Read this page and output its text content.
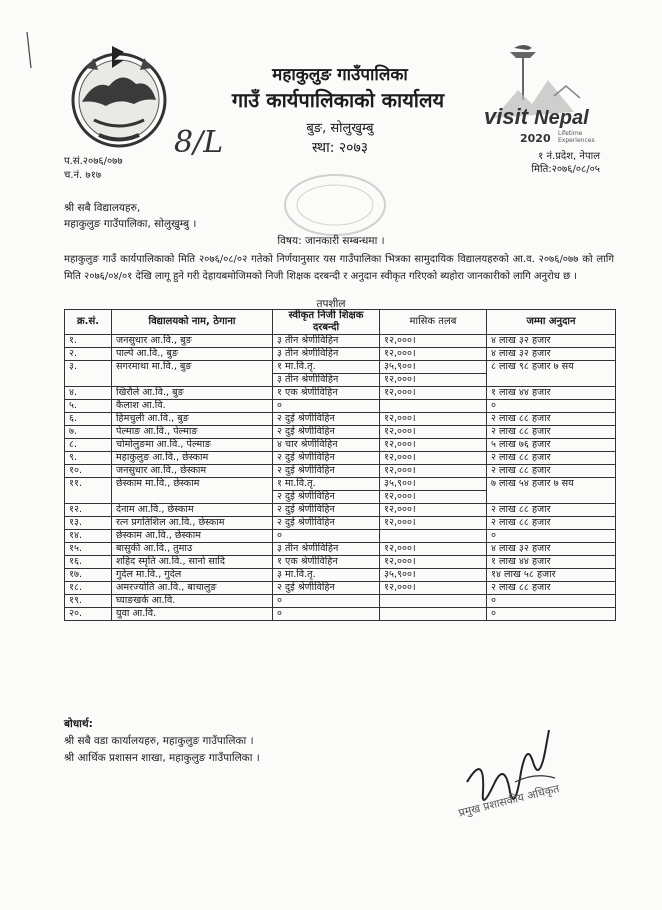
महाकुलुङ गाउँपालिका
गाउँ कार्यपालिकाको कार्यालय
बुङ, सोलुखुम्बु
स्था: २०७३
प.सं.२०७६/०७७
च.नं. ७१७
8/L
visit Nepal
2020 Lifetime
Experiences
१ नं.प्रदेश, नेपाल
मिति:२०७६/०८/०५
श्री सबै विद्यालयहरु,
महाकुलुङ गाउँपालिका, सोलुखुम्बु ।
विषय: जानकारी सम्बन्धमा ।
महाकुलुङ गाउँ कार्यपालिकाको मिति २०७६/०८/०२ गतेको निर्णयानुसार यस गाउँपालिका भित्रका सामुदायिक विद्यालयहरुको आ.व. २०७६/०७७ को लागि मिति २०७६/०४/०१ देखि लागू हुने गरी देहायबमोजिमको निजी शिक्षक दरबन्दी र अनुदान स्वीकृत गरिएको ब्यहोरा जानकारीको लागि अनुरोध छ ।
तपशील
क्र.सं.	विद्यालयको नाम, ठेगाना	स्वीकृत निजी शिक्षक दरबन्दी	मासिक तलब	जम्मा अनुदान
१.	जनसुधार आ.वि., बुङ	३ तीन श्रेणीविहिन	१२,०००।	४ लाख ३२ हजार
२.	पाल्पे आ.वि., बुङ	३ तीन श्रेणीविहिन	१२,०००।	४ लाख ३२ हजार
३.	सगरमाथा मा.वि., बुङ	१ मा.वि.तृ.	३५,९००।	८ लाख ९८ हजार ७ सय
		३ तीन श्रेणीविहिन	१२,०००।	
४.	खिरौले आ.वि., बुङ	१ एक श्रेणीविहिन	१२,०००।	१ लाख ४४ हजार
५.	कैलाश आ.वि.	०		०
६.	हिमचुली आ.वि., बुङ	२ दुई श्रेणीविहिन	१२,०००।	२ लाख ८८ हजार
७.	पेल्माङ आ.वि., पेल्माङ	२ दुई श्रेणीविहिन	१२,०००।	२ लाख ८८ हजार
८.	चोमोलुङमा आ.वि., पेल्माङ	४ चार श्रेणीविहिन	१२,०००।	५ लाख ७६ हजार
९.	महाकुलुङ आ.वि., छेस्काम	२ दुई श्रेणीविहिन	१२,०००।	२ लाख ८८ हजार
१०.	जनसुधार आ.वि., छेस्काम	२ दुई श्रेणीविहिन	१२,०००।	२ लाख ८८ हजार
११.	छेस्काम मा.वि., छेस्काम	१ मा.वि.तृ.	३५,९००।	७ लाख ५४ हजार ७ सय
		२ दुई श्रेणीविहिन	१२,०००।	
१२.	देनाम आ.वि., छेस्काम	२ दुई श्रेणीविहिन	१२,०००।	२ लाख ८८ हजार
१३.	रत्न प्रगतिशिल आ.वि., छेस्काम	२ दुई श्रेणीविहिन	१२,०००।	२ लाख ८८ हजार
१४.	छेस्काम आ.वि., छेस्काम	०		०
१५.	बासुकी आ.वि., तुमाउ	३ तीन श्रेणीविहिन	१२,०००।	४ लाख ३२ हजार
१६.	शहिद स्मृति आ.वि., सानो सादि	१ एक श्रेणीविहिन	१२,०००।	१ लाख ४४ हजार
१७.	गुदेल मा.वि., गुदेल	३ मा.वि.तृ.	३५,९००।	१४ लाख ५८ हजार
१८.	अमरज्योति आ.वि., बाचालुङ	२ दुई श्रेणीविहिन	१२,०००।	२ लाख ८८ हजार
१९.	घ्याङखर्क आ.वि.	०		०
२०.	युवा आ.वि.	०		०
बोधार्थ:
श्री सबै वडा कार्यालयहरु, महाकुलुङ गाउँपालिका ।
श्री आर्थिक प्रशासन शाखा, महाकुलुङ गाउँपालिका ।
प्रमुख प्रशासकीय अधिकृत
